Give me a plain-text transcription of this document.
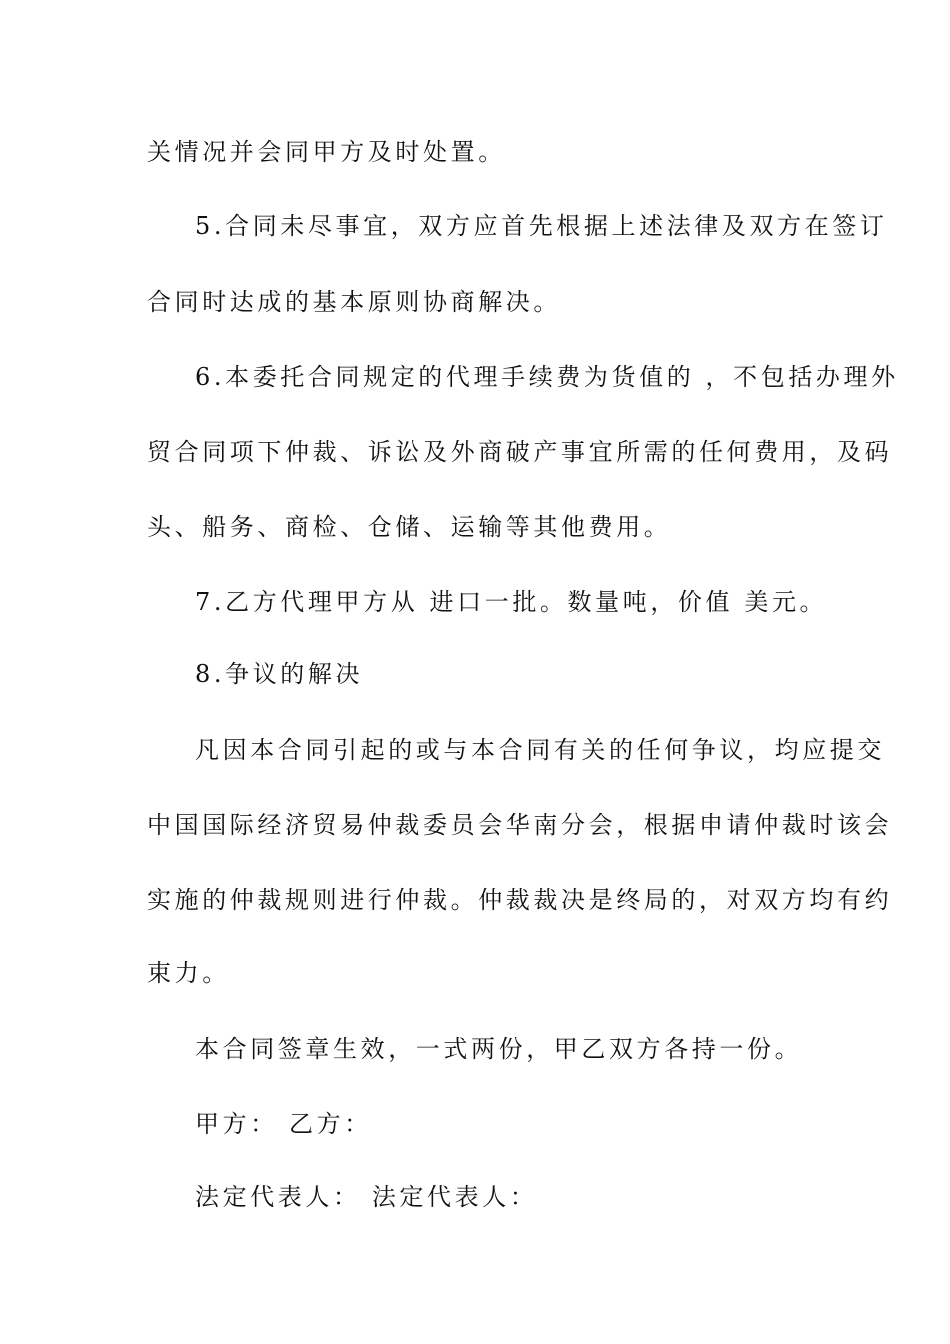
关情况并会同甲方及时处置。
5.合同未尽事宜，双方应首先根据上述法律及双方在签订
合同时达成的基本原则协商解决。
6.本委托合同规定的代理手续费为货值的 ，不包括办理外
贸合同项下仲裁、诉讼及外商破产事宜所需的任何费用，及码
头、船务、商检、仓储、运输等其他费用。
7.乙方代理甲方从 进口一批。数量吨，价值 美元。
8.争议的解决
凡因本合同引起的或与本合同有关的任何争议，均应提交
中国国际经济贸易仲裁委员会华南分会，根据申请仲裁时该会
实施的仲裁规则进行仲裁。仲裁裁决是终局的，对双方均有约
束力。
本合同签章生效，一式两份，甲乙双方各持一份。
甲方： 乙方：
法定代表人： 法定代表人：
